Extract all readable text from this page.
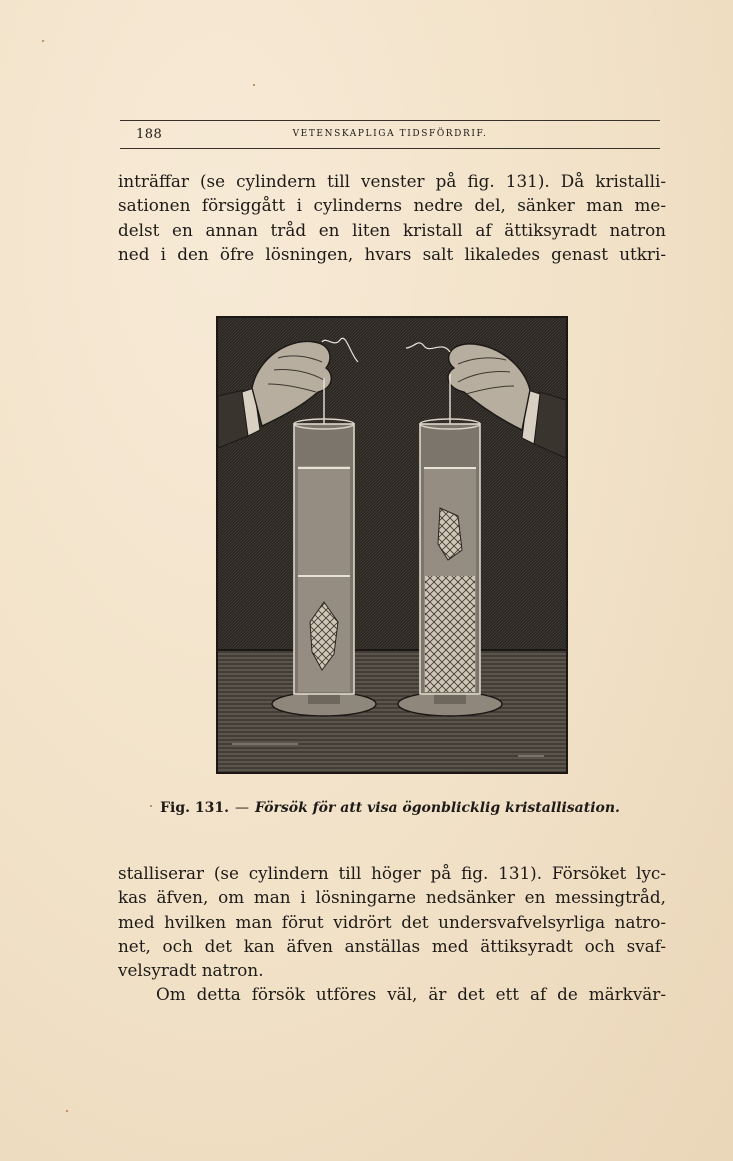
188	VETENSKAPLIGA TIDSFÖRDRIF.
inträffar (se cylindern till venster på fig. 131). Då kristalli-
sationen försiggått i cylinderns nedre del, sänker man me-
delst en annan tråd en liten kristall af ättiksyradt natron
ned i den öfre lösningen, hvars salt likaledes genast utkri-
Fig. 131. — Försök för att visa ögonblicklig kristallisation.
stalliserar (se cylindern till höger på fig. 131). Försöket lyc-
kas äfven, om man i lösningarne nedsänker en messingtråd,
med hvilken man förut vidrört det undersvafvelsyrliga natro-
net, och det kan äfven anställas med ättiksyradt och svaf-
velsyradt natron.
Om detta försök utföres väl, är det ett af de märkvär-
